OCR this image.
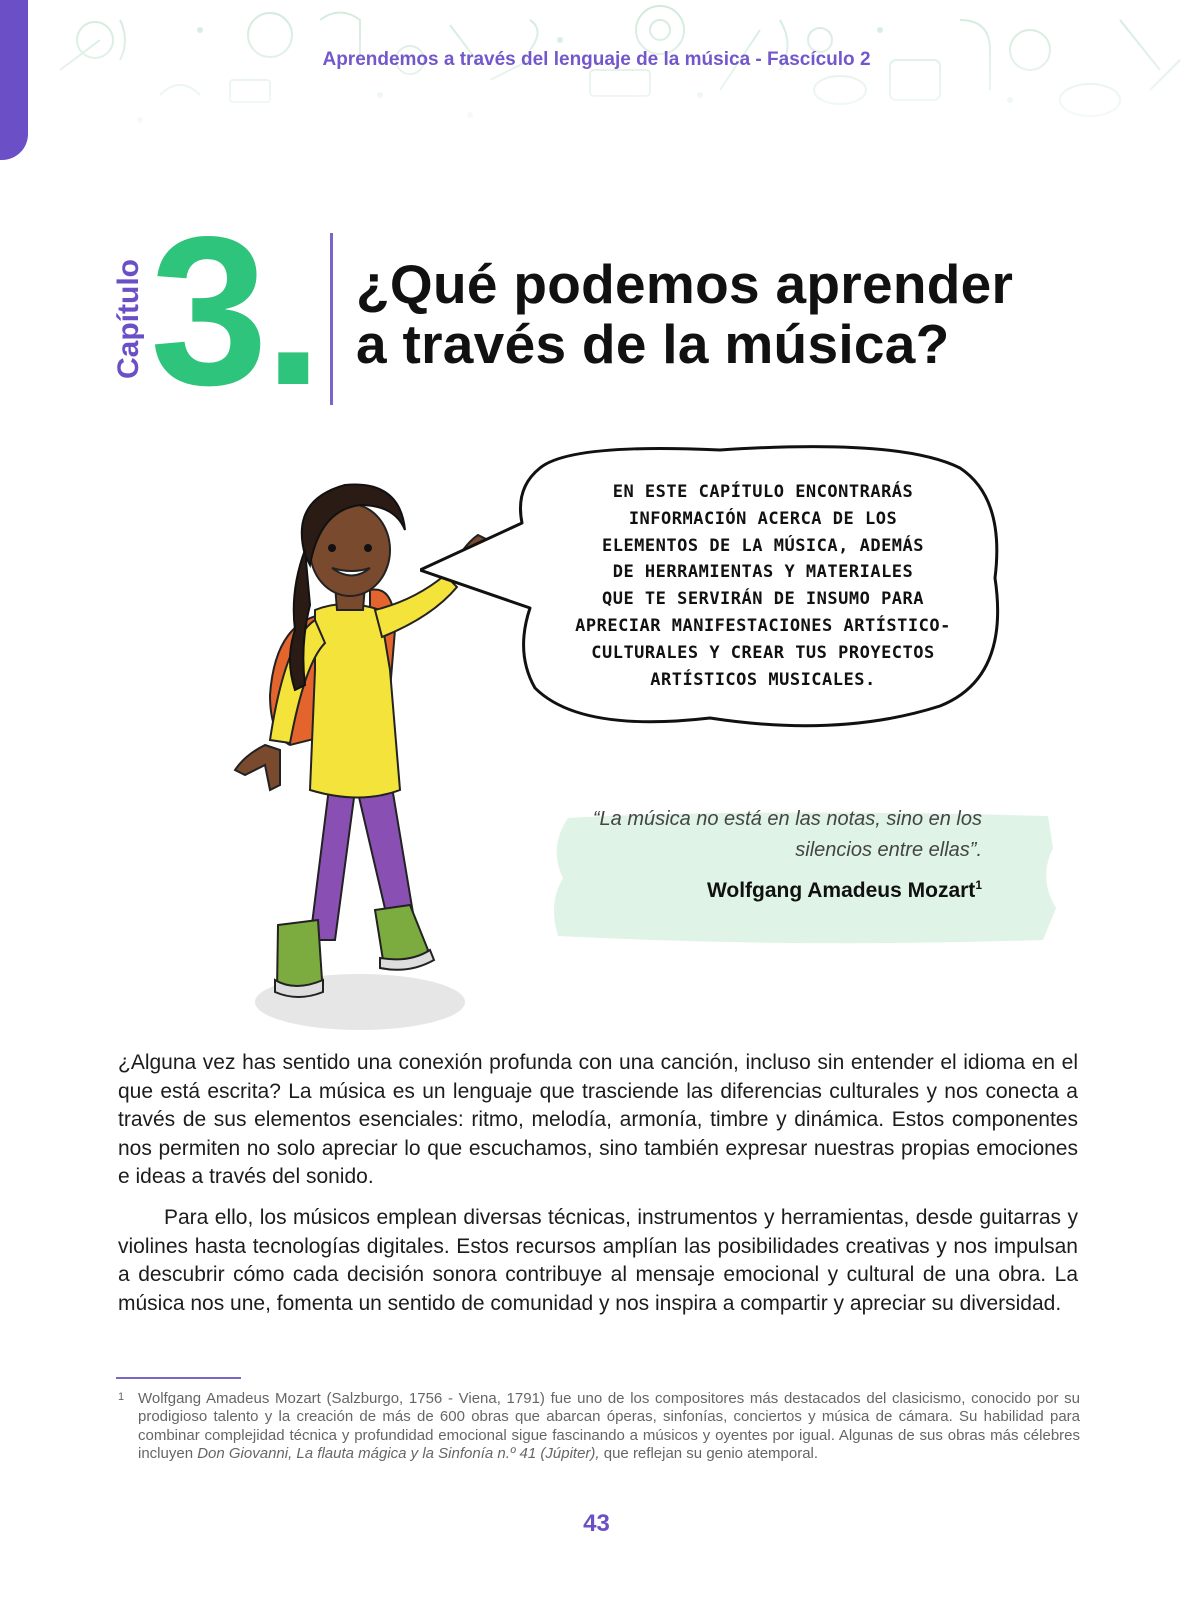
Aprendemos a través del lenguaje de la música - Fascículo 2
Capítulo 3. ¿Qué podemos aprender
a través de la música?
EN ESTE CAPÍTULO ENCONTRARÁS
INFORMACIÓN ACERCA DE LOS
ELEMENTOS DE LA MÚSICA, ADEMÁS
DE HERRAMIENTAS Y MATERIALES
QUE TE SERVIRÁN DE INSUMO PARA
APRECIAR MANIFESTACIONES ARTÍSTICO-
CULTURALES Y CREAR TUS PROYECTOS
ARTÍSTICOS MUSICALES.

“La música no está en las notas, sino en los
silencios entre ellas”.

Wolfgang Amadeus Mozart$^1$

¿Alguna vez has sentido una conexión profunda con una canción, incluso sin entender el idioma en el que está escrita? La música es un lenguaje que trasciende las diferencias culturales y nos conecta a través de sus elementos esenciales: ritmo, melodía, armonía, timbre y dinámica. Estos componentes nos permiten no solo apreciar lo que escuchamos, sino también expresar nuestras propias emociones e ideas a través del sonido.

Para ello, los músicos emplean diversas técnicas, instrumentos y herramientas, desde guitarras y violines hasta tecnologías digitales. Estos recursos amplían las posibilidades creativas y nos impulsan a descubrir cómo cada decisión sonora contribuye al mensaje emocional y cultural de una obra. La música nos une, fomenta un sentido de comunidad y nos inspira a compartir y apreciar su diversidad.

1 Wolfgang Amadeus Mozart (Salzburgo, 1756 - Viena, 1791) fue uno de los compositores más destacados del clasicismo, conocido por su prodigioso talento y la creación de más de 600 obras que abarcan óperas, sinfonías, conciertos y música de cámara. Su habilidad para combinar complejidad técnica y profundidad emocional sigue fascinando a músicos y oyentes por igual. Algunas de sus obras más célebres incluyen Don Giovanni, La flauta mágica y la Sinfonía n.º 41 (Júpiter), que reflejan su genio atemporal.
43
